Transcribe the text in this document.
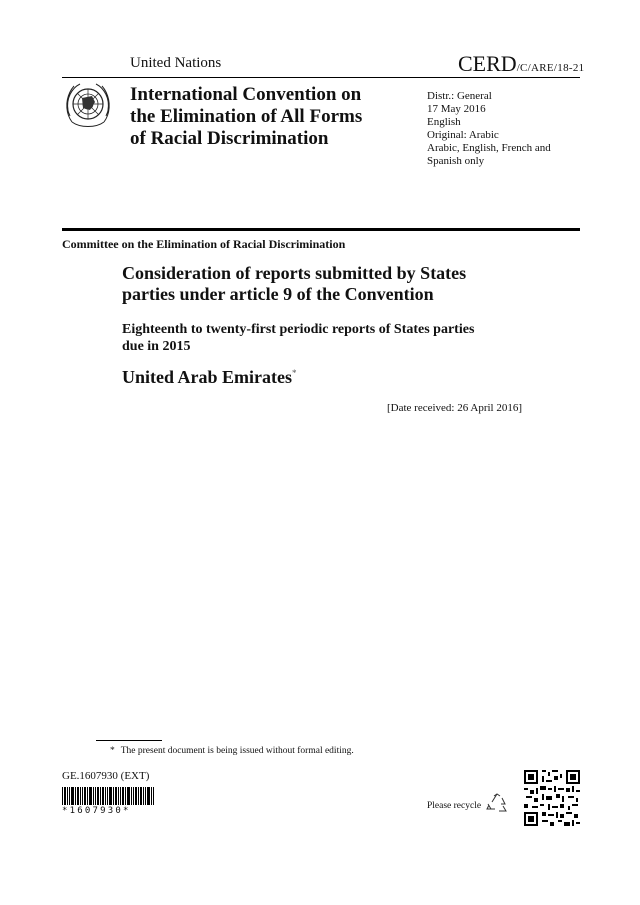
United Nations	CERD/C/ARE/18-21
International Convention on
the Elimination of All Forms
of Racial Discrimination
Distr.: General
17 May 2016
English
Original: Arabic
Arabic, English, French and
Spanish only
Committee on the Elimination of Racial Discrimination
Consideration of reports submitted by States
parties under article 9 of the Convention
Eighteenth to twenty-first periodic reports of States parties
due in 2015
United Arab Emirates*
[Date received: 26 April 2016]
* The present document is being issued without formal editing.
GE.1607930 (EXT)
*1607930*	Please recycle
